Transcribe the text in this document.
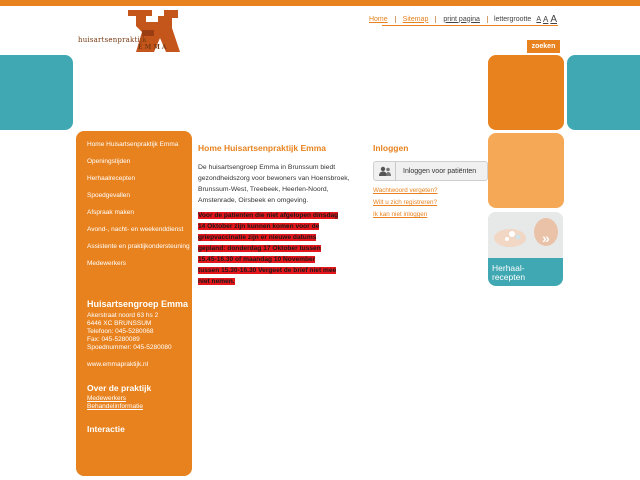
huisartsenpraktijk
EMMA
Home	Sitemap	print pagina	lettergrootte A A A
zoeken
Home Huisartsenpraktijk Emma
Openingstijden
Herhaalrecepten
Spoedgevallen
Afspraak maken
Avond-, nacht- en weekenddienst
Assistente en praktijkondersteuning
Medewerkers
Huisartsengroep Emma
Akerstraat noord 63 hs 2
6446 XC BRUNSSUM
Telefoon: 045-5280068
Fax: 045-5280089
Spoednummer: 045-5280080
www.emmapraktijk.nl
Over de praktijk
Medewerkers
Behandelinformatie
Interactie
Home Huisartsenpraktijk Emma

De huisartsengroep Emma in Brunssum biedt gezondheidszorg voor bewoners van Hoensbroek, Brunssum-West, Treebeek, Heerlen-Noord, Amstenrade, Oirsbeek en omgeving.

Voor de patienten die niet afgelopen dinsdag
14 Oktober zijn kunnen komen voor de
griepvaccinatie zijn er nieuwe datums
gepland: donderdag 17 Oktober tussen
15.45-16.30 of maandag 10 November
tussen 15.30-16.30 Vergeet de brief niet mee
niet nemen.
Inloggen
Inloggen voor patiënten
Wachtwoord vergeten?
Wilt u zich registreren?
Ik kan niet inloggen
»
Herhaal-
recepten
